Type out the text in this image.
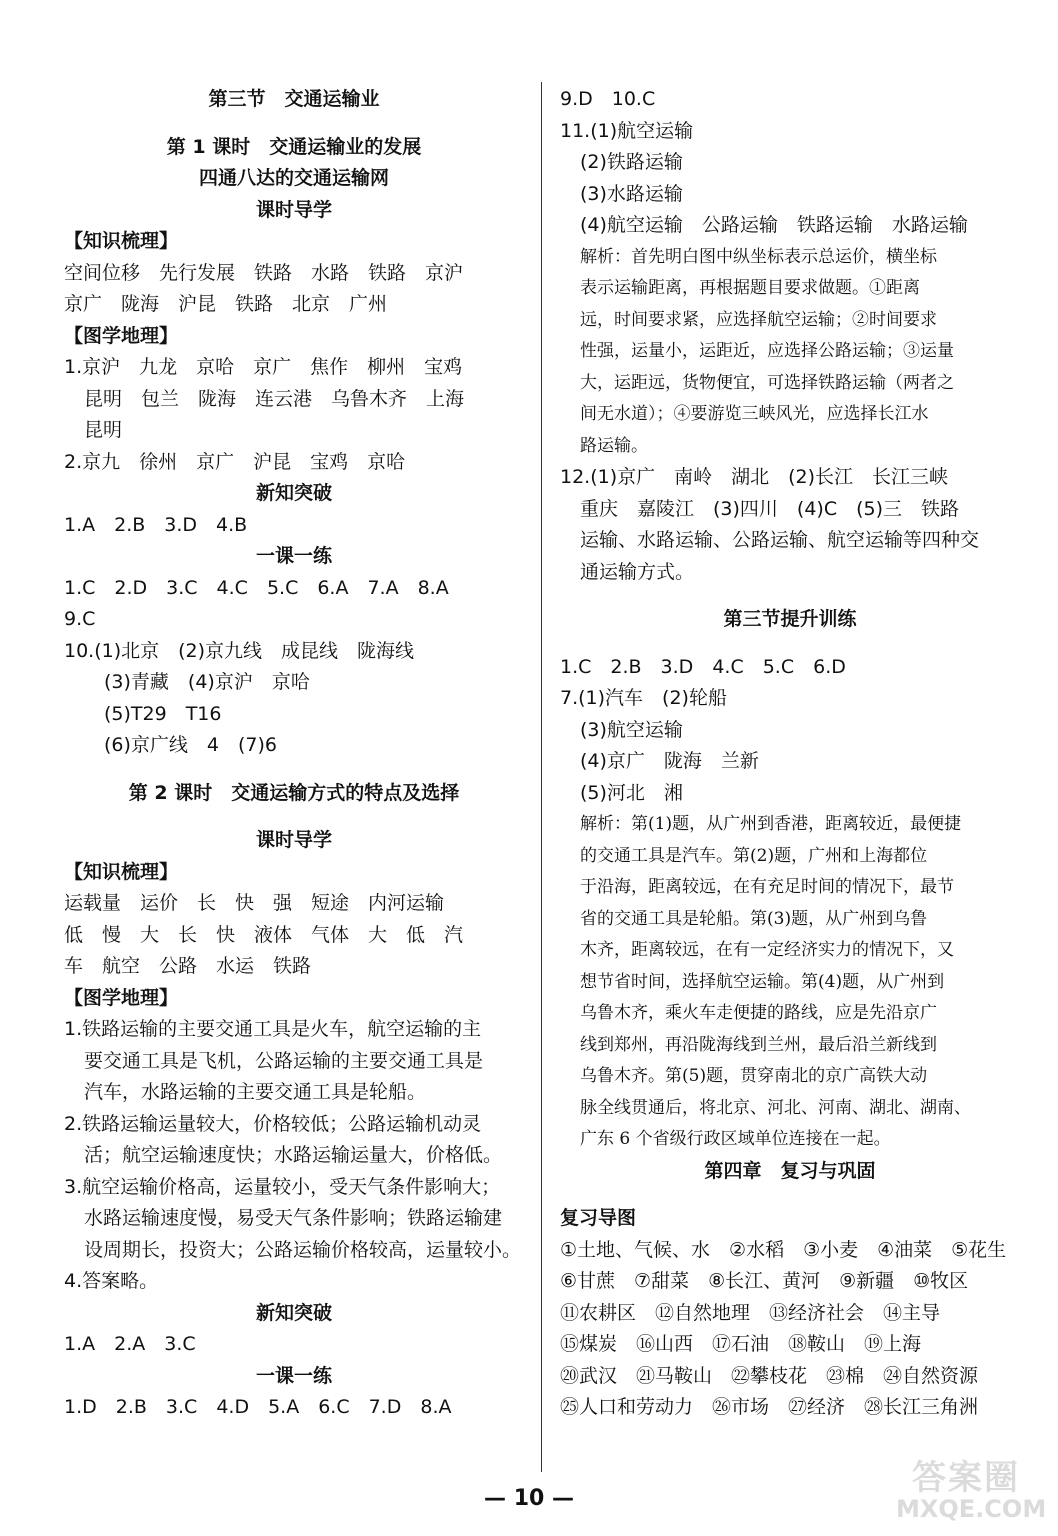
第三节　交通运输业
第 1 课时　交通运输业的发展
四通八达的交通运输网
课时导学
【知识梳理】
空间位移　先行发展　铁路　水路　铁路　京沪
京广　陇海　沪昆　铁路　北京　广州
【图学地理】
1.京沪　九龙　京哈　京广　焦作　柳州　宝鸡
昆明　包兰　陇海　连云港　乌鲁木齐　上海
昆明
2.京九　徐州　京广　沪昆　宝鸡　京哈
新知突破
1.A　2.B　3.D　4.B
一课一练
1.C　2.D　3.C　4.C　5.C　6.A　7.A　8.A
9.C
10.(1)北京　(2)京九线　成昆线　陇海线
(3)青藏　(4)京沪　京哈
(5)T29　T16
(6)京广线　4　(7)6
第 2 课时　交通运输方式的特点及选择
课时导学
【知识梳理】
运载量　运价　长　快　强　短途　内河运输
低　慢　大　长　快　液体　气体　大　低　汽
车　航空　公路　水运　铁路
【图学地理】
1.铁路运输的主要交通工具是火车，航空运输的主
要交通工具是飞机，公路运输的主要交通工具是
汽车，水路运输的主要交通工具是轮船。
2.铁路运输运量较大，价格较低；公路运输机动灵
活；航空运输速度快；水路运输运量大，价格低。
3.航空运输价格高，运量较小，受天气条件影响大；
水路运输速度慢，易受天气条件影响；铁路运输建
设周期长，投资大；公路运输价格较高，运量较小。
4.答案略。
新知突破
1.A　2.A　3.C
一课一练
1.D　2.B　3.C　4.D　5.A　6.C　7.D　8.A
9.D　10.C
11.(1)航空运输
(2)铁路运输
(3)水路运输
(4)航空运输　公路运输　铁路运输　水路运输
解析：首先明白图中纵坐标表示总运价，横坐标
表示运输距离，再根据题目要求做题。①距离
远，时间要求紧，应选择航空运输；②时间要求
性强，运量小，运距近，应选择公路运输；③运量
大，运距远，货物便宜，可选择铁路运输（两者之
间无水道）；④要游览三峡风光，应选择长江水
路运输。
12.(1)京广　南岭　湖北　(2)长江　长江三峡
重庆　嘉陵江　(3)四川　(4)C　(5)三　铁路
运输、水路运输、公路运输、航空运输等四种交
通运输方式。
第三节提升训练
1.C　2.B　3.D　4.C　5.C　6.D
7.(1)汽车　(2)轮船
(3)航空运输
(4)京广　陇海　兰新
(5)河北　湘
解析：第(1)题，从广州到香港，距离较近，最便捷
的交通工具是汽车。第(2)题，广州和上海都位
于沿海，距离较远，在有充足时间的情况下，最节
省的交通工具是轮船。第(3)题，从广州到乌鲁
木齐，距离较远，在有一定经济实力的情况下，又
想节省时间，选择航空运输。第(4)题，从广州到
乌鲁木齐，乘火车走便捷的路线，应是先沿京广
线到郑州，再沿陇海线到兰州，最后沿兰新线到
乌鲁木齐。第(5)题，贯穿南北的京广高铁大动
脉全线贯通后，将北京、河北、河南、湖北、湖南、
广东 6 个省级行政区域单位连接在一起。
第四章　复习与巩固
复习导图
①土地、气候、水　②水稻　③小麦　④油菜　⑤花生
⑥甘蔗　⑦甜菜　⑧长江、黄河　⑨新疆　⑩牧区
⑪农耕区　⑫自然地理　⑬经济社会　⑭主导
⑮煤炭　⑯山西　⑰石油　⑱鞍山　⑲上海
⑳武汉　㉑马鞍山　㉒攀枝花　㉓棉　㉔自然资源
㉕人口和劳动力　㉖市场　㉗经济　㉘长江三角洲
— 10 —
答案圈
MXQE.COM
